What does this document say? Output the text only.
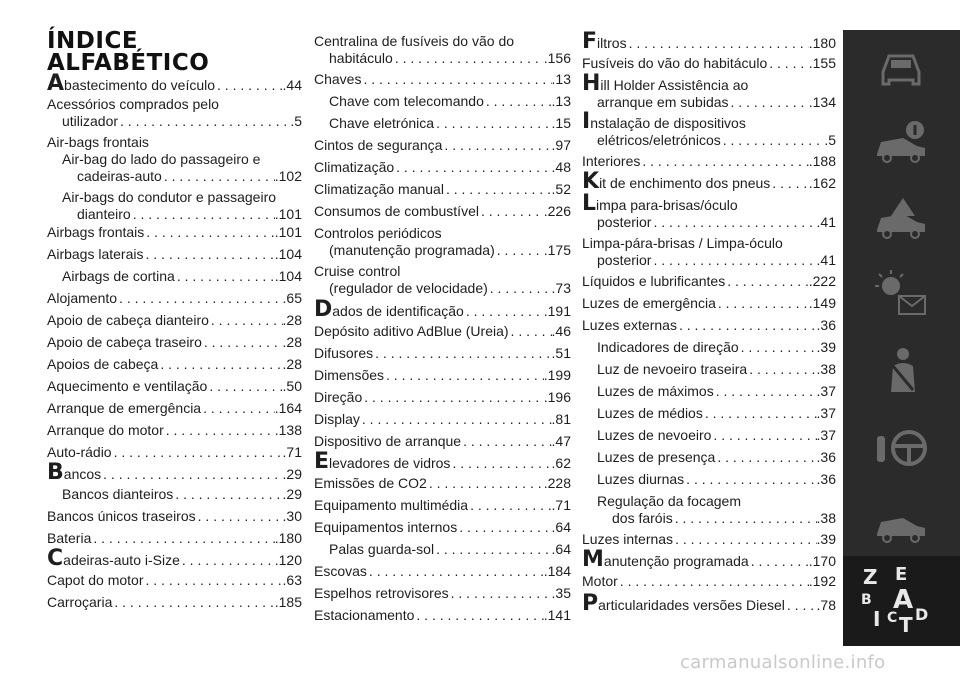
ÍNDICE
ALFABÉTICO
Abastecimento do veículo . . .	.44
Acessórios comprados pelo
utilizador . . .	.5
Air-bags frontais
Air-bag do lado do passageiro e
cadeiras-auto . . .	.102
Air-bags do condutor e passageiro
dianteiro . . .	.101
Airbags frontais . . .	.101
Airbags laterais . . .	.104
Airbags de cortina . . .	.104
Alojamento . . .	.65
Apoio de cabeça dianteiro . . .	.28
Apoio de cabeça traseiro . . .	.28
Apoios de cabeça . . .	.28
Aquecimento e ventilação . . .	.50
Arranque de emergência . . .	.164
Arranque do motor . . .	.138
Auto-rádio . . .	.71
Bancos . . .	.29
Bancos dianteiros . . .	.29
Bancos únicos traseiros . . .	.30
Bateria . . .	.180
Cadeiras-auto i-Size . . .	.120
Capot do motor . . .	.63
Carroçaria . . .	.185
Centralina de fusíveis do vão do
habitáculo . . .	.156
Chaves . . .	.13
Chave com telecomando . . .	.13
Chave eletrónica . . .	.15
Cintos de segurança . . .	.97
Climatização . . .	.48
Climatização manual . . .	.52
Consumos de combustível . . .	.226
Controlos periódicos
(manutenção programada) . . .	.175
Cruise control
(regulador de velocidade) . . .	.73
Dados de identificação . . .	.191
Depósito aditivo AdBlue (Ureia) . . .	.46
Difusores . . .	.51
Dimensões . . .	.199
Direção . . .	.196
Display . . .	.81
Dispositivo de arranque . . .	.47
Elevadores de vidros . . .	.62
Emissões de CO2 . . .	.228
Equipamento multimédia . . .	.71
Equipamentos internos . . .	.64
Palas guarda-sol . . .	.64
Escovas . . .	.184
Espelhos retrovisores . . .	.35
Estacionamento . . .	.141
Filtros . . .	.180
Fusíveis do vão do habitáculo . . .	.155
Hill Holder Assistência ao
arranque em subidas . . .	.134
Instalação de dispositivos
elétricos/eletrónicos . . .	.5
Interiores . . .	.188
Kit de enchimento dos pneus . . .	.162
Limpa para-brisas/óculo
posterior . . .	.41
Limpa-pára-brisas / Limpa-óculo
posterior . . .	.41
Líquidos e lubrificantes . . .	.222
Luzes de emergência . . .	.149
Luzes externas . . .	.36
Indicadores de direção . . .	.39
Luz de nevoeiro traseira . . .	.38
Luzes de máximos . . .	.37
Luzes de médios . . .	.37
Luzes de nevoeiro . . .	.37
Luzes de presença . . .	.36
Luzes diurnas . . .	.36
Regulação da focagem
dos faróis . . .	.38
Luzes internas . . .	.39
Manutenção programada . . .	.170
Motor . . .	.192
Particularidades versões Diesel . . . .78
Z E
B A
I C T D
carmanualsonline.info
